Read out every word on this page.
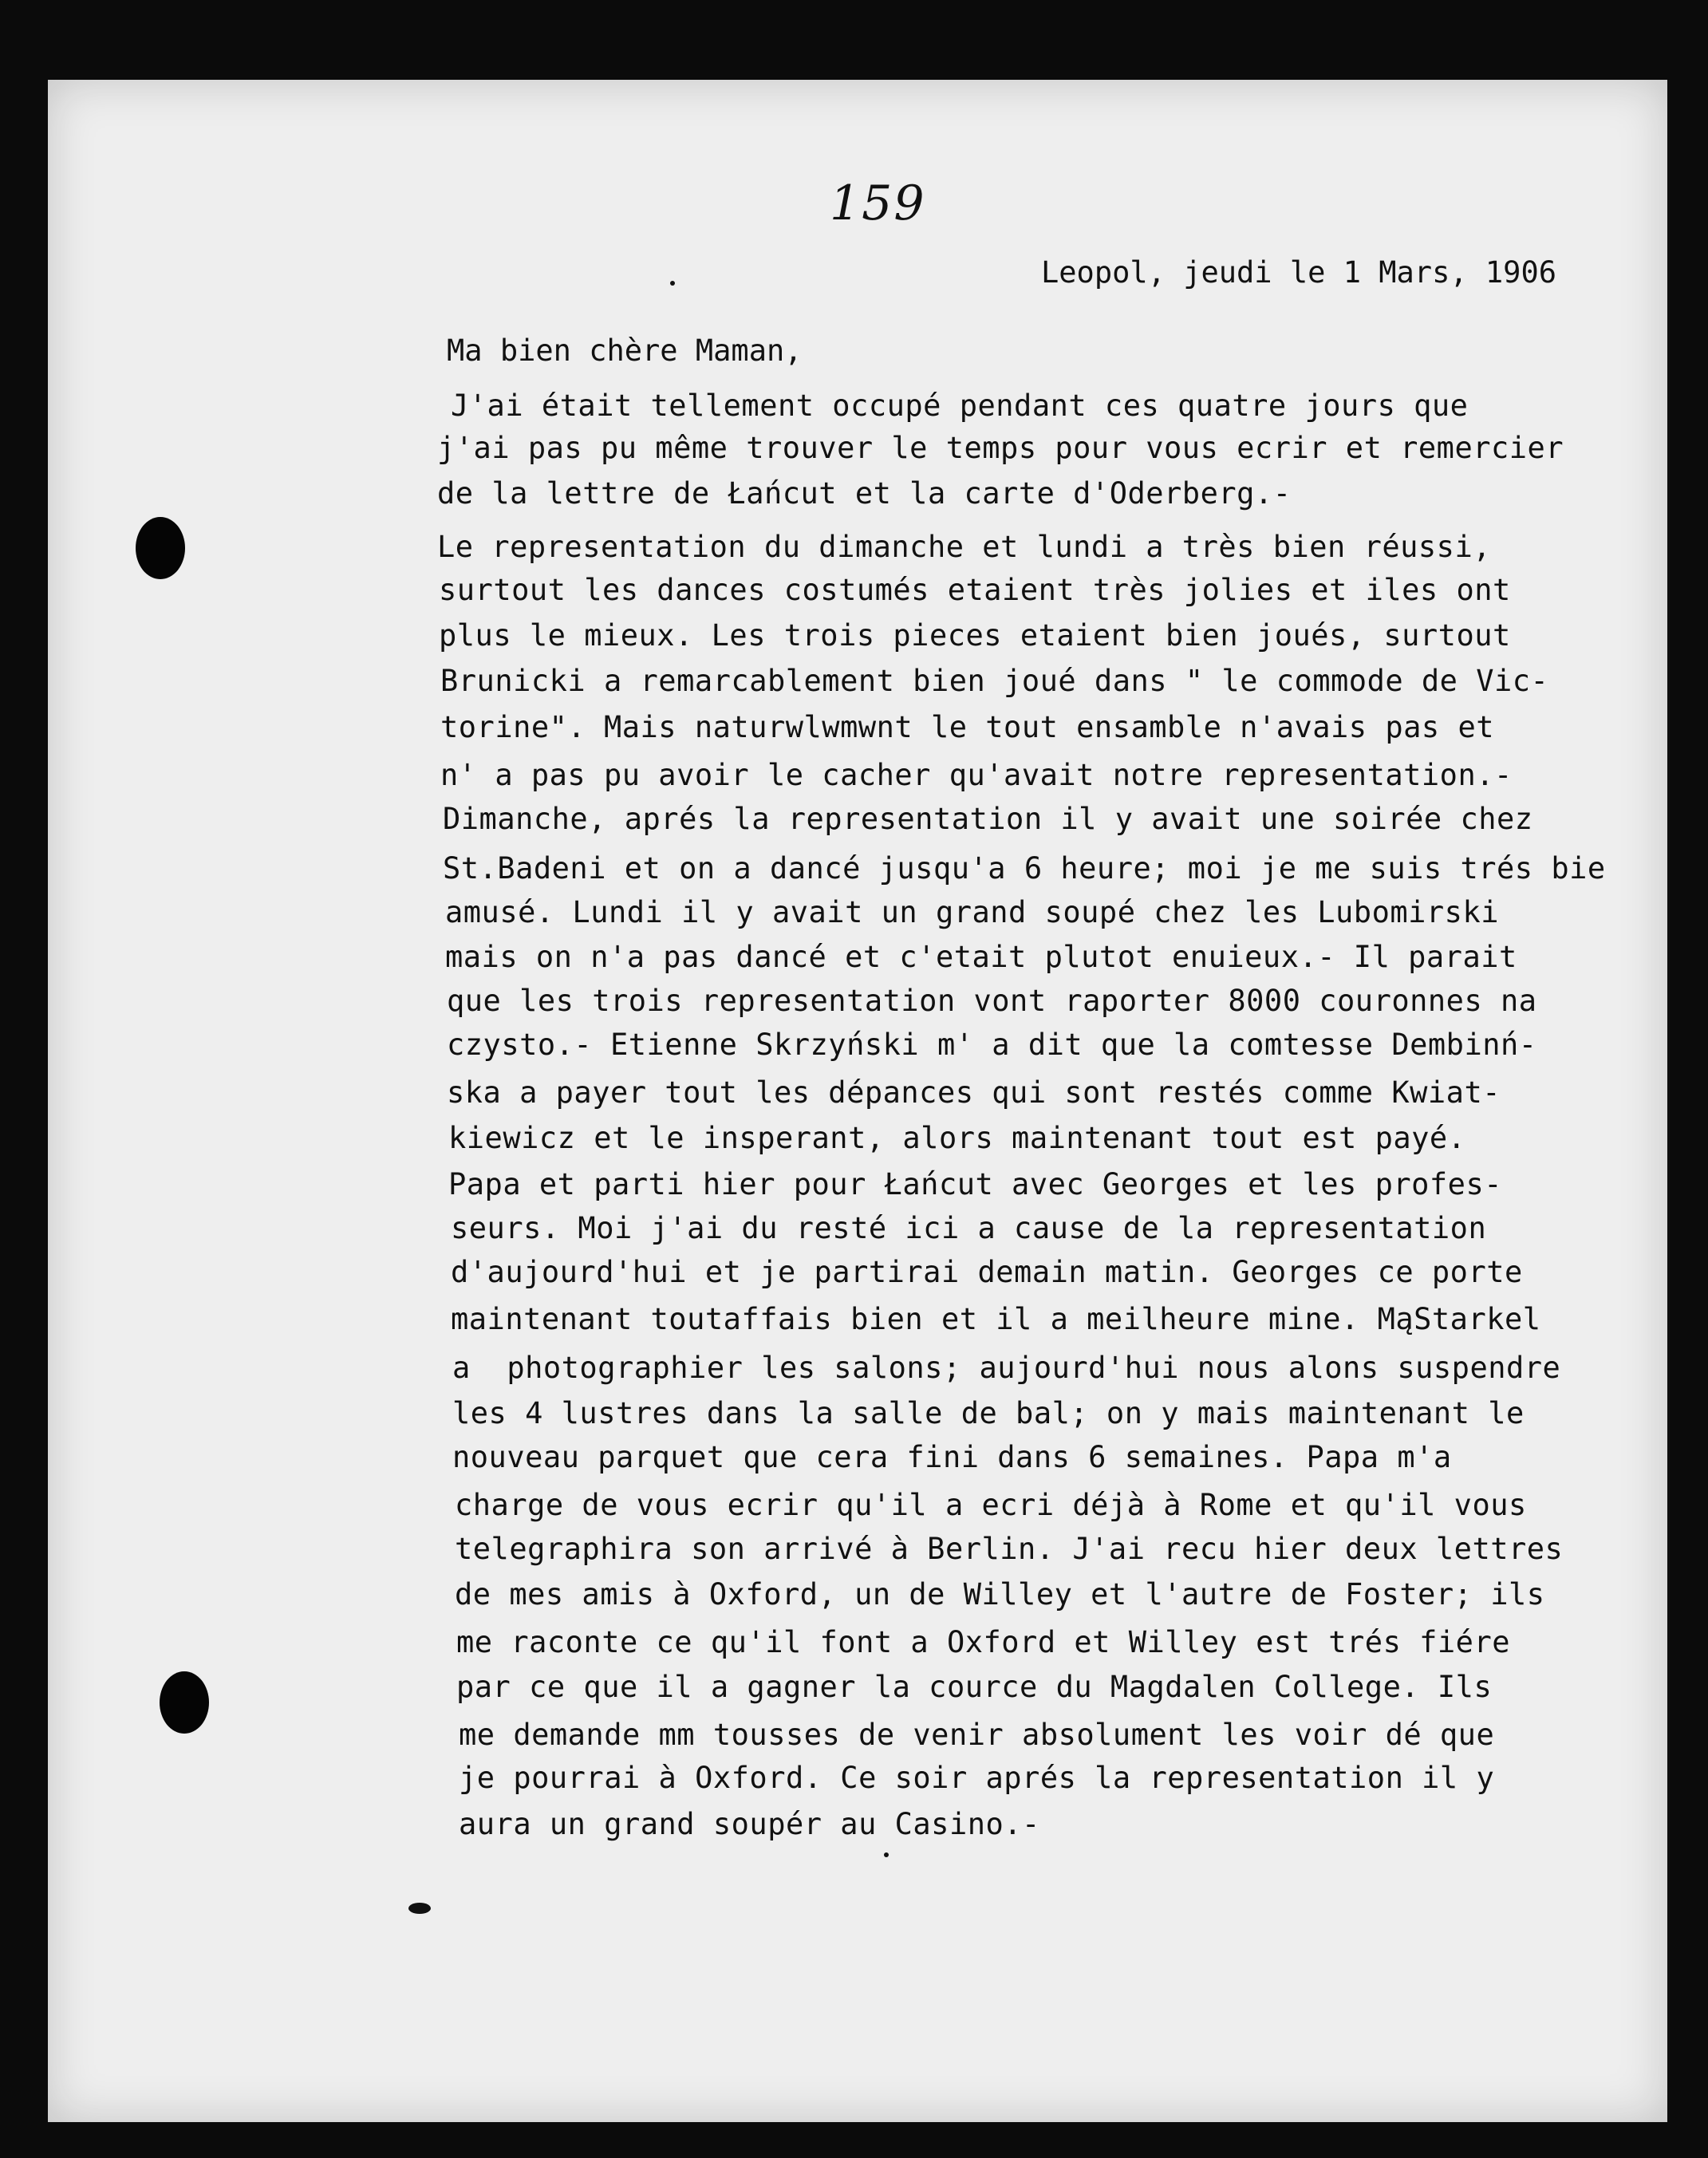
159
Leopol, jeudi le 1 Mars, 1906
Ma bien chère Maman,
J'ai était tellement occupé pendant ces quatre jours que
j'ai pas pu même trouver le temps pour vous ecrir et remercier
de la lettre de Łańcut et la carte d'Oderberg.-
Le representation du dimanche et lundi a très bien réussi,
surtout les dances costumés etaient très jolies et iles ont
plus le mieux. Les trois pieces etaient bien joués, surtout
Brunicki a remarcablement bien joué dans " le commode de Vic-
torine". Mais naturwlwmwnt le tout ensamble n'avais pas et
n' a pas pu avoir le cacher qu'avait notre representation.-
Dimanche, aprés la representation il y avait une soirée chez
St.Badeni et on a dancé jusqu'a 6 heure; moi je me suis trés bie
amusé. Lundi il y avait un grand soupé chez les Lubomirski
mais on n'a pas dancé et c'etait plutot enuieux.- Il parait
que les trois representation vont raporter 8000 couronnes na
czysto.- Etienne Skrzyński m' a dit que la comtesse Dembinń-
ska a payer tout les dépances qui sont restés comme Kwiat-
kiewicz et le insperant, alors maintenant tout est payé.
Papa et parti hier pour Łańcut avec Georges et les profes-
seurs. Moi j'ai du resté ici a cause de la representation
d'aujourd'hui et je partirai demain matin. Georges ce porte
maintenant toutaffais bien et il a meilheure mine. MąStarkel
a  photographier les salons; aujourd'hui nous alons suspendre
les 4 lustres dans la salle de bal; on y mais maintenant le
nouveau parquet que cera fini dans 6 semaines. Papa m'a
charge de vous ecrir qu'il a ecri déjà à Rome et qu'il vous
telegraphira son arrivé à Berlin. J'ai recu hier deux lettres
de mes amis à Oxford, un de Willey et l'autre de Foster; ils
me raconte ce qu'il font a Oxford et Willey est trés fiére
par ce que il a gagner la cource du Magdalen College. Ils
me demande mm tousses de venir absolument les voir dé que
je pourrai à Oxford. Ce soir aprés la representation il y
aura un grand soupér au Casino.-
